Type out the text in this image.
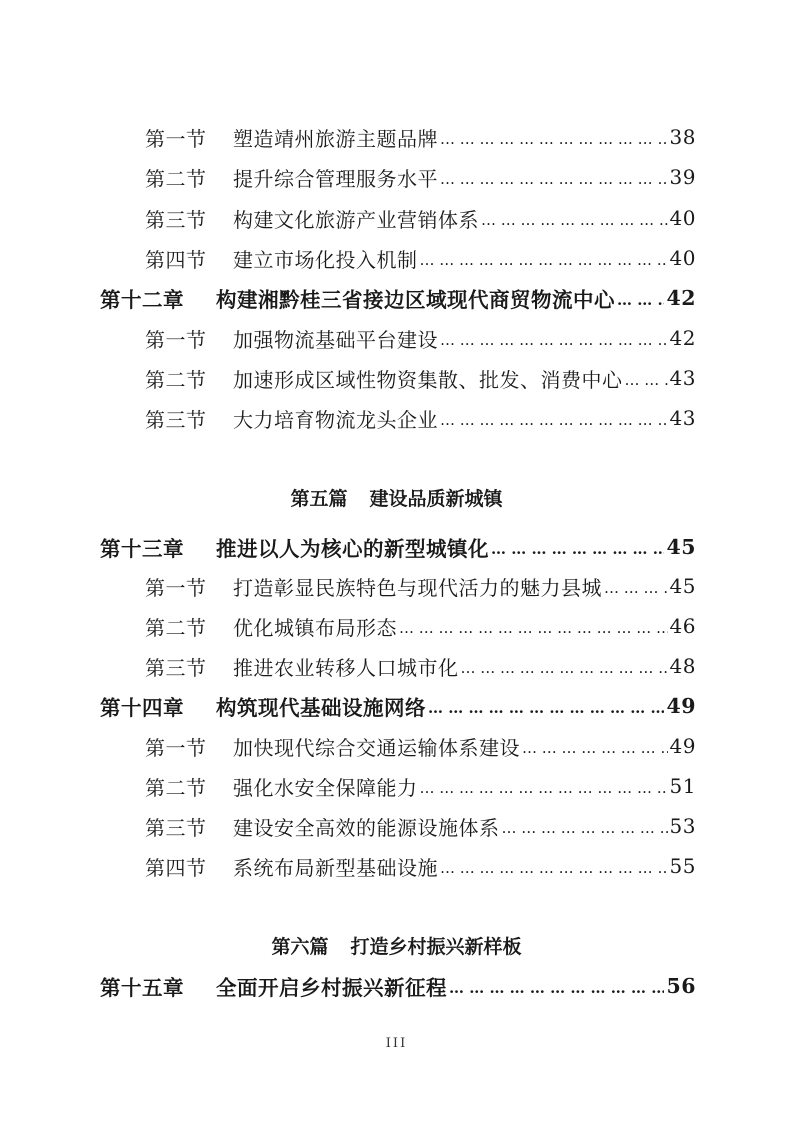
第一节	塑造靖州旅游主题品牌 … … … … … … … … … … … … … … … … … … … … … … … … … … … … … … … … … … … … … … … …	38
第二节	提升综合管理服务水平 … … … … … … … … … … … … … … … … … … … … … … … … … … … … … … … … … … … … … … … …	39
第三节	构建文化旅游产业营销体系 … … … … … … … … … … … … … … … … … … … … … … … … … … … … … … … … … … … … … … … …	40
第四节	建立市场化投入机制 … … … … … … … … … … … … … … … … … … … … … … … … … … … … … … … … … … … … … … … …	40
第十二章	构建湘黔桂三省接边区域现代商贸物流中心 … … … … … … … … … … … … … … … … … … … … … … … … … … … … … … … … … … … … … … … …	42
第一节	加强物流基础平台建设 … … … … … … … … … … … … … … … … … … … … … … … … … … … … … … … … … … … … … … … …	42
第二节	加速形成区域性物资集散、批发、消费中心 … … … … … … … … … … … … … … … … … … … … … … … … … … … … … … … … … … … … … … … … 43
第三节	大力培育物流龙头企业 … … … … … … … … … … … … … … … … … … … … … … … … … … … … … … … … … … … … … … … …	43
第五篇 建设品质新城镇
第十三章	推进以人为核心的新型城镇化 … … … … … … … … … … … … … … … … … … … … … … … … … … … … … … … … … … … … … … … …	45
第一节	打造彰显民族特色与现代活力的魅力县城 … … … … … … … … … … … … … … … … … … … … … … … … … … … … … … … … … … … … … … … …	45
第二节	优化城镇布局形态 … … … … … … … … … … … … … … … … … … … … … … … … … … … … … … … … … … … … … … … …	46
第三节	推进农业转移人口城市化 … … … … … … … … … … … … … … … … … … … … … … … … … … … … … … … … … … … … … … … …	48
第十四章	构筑现代基础设施网络 … … … … … … … … … … … … … … … … … … … … … … … … … … … … … … … … … … … … … … … …	49
第一节	加快现代综合交通运输体系建设 … … … … … … … … … … … … … … … … … … … … … … … … … … … … … … … … … … … … … … … …	49
第二节	强化水安全保障能力 … … … … … … … … … … … … … … … … … … … … … … … … … … … … … … … … … … … … … … … …	51
第三节	建设安全高效的能源设施体系 … … … … … … … … … … … … … … … … … … … … … … … … … … … … … … … … … … … … … … … …	53
第四节	系统布局新型基础设施 … … … … … … … … … … … … … … … … … … … … … … … … … … … … … … … … … … … … … … … …	55
第六篇 打造乡村振兴新样板
第十五章	全面开启乡村振兴新征程 … … … … … … … … … … … … … … … … … … … … … … … … … … … … … … … … … … … … … … … …	56
III
